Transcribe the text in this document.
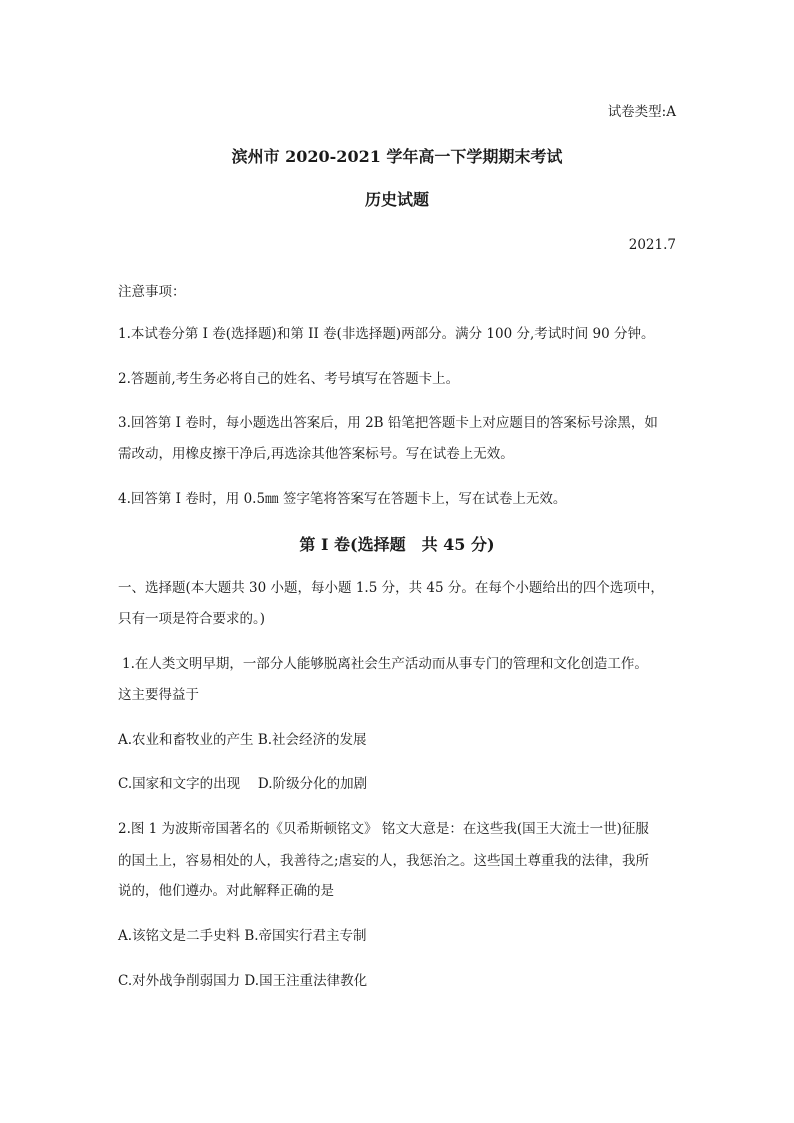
试卷类型:A
滨州市 2020-2021 学年高一下学期期末考试
历史试题
2021.7
注意事项：
1.本试卷分第 I 卷(选择题)和第 II 卷(非选择题)两部分。满分 100 分,考试时间 90 分钟。
2.答题前,考生务必将自己的姓名、考号填写在答题卡上。
3.回答第 I 卷时，每小题选出答案后，用 2B 铅笔把答题卡上对应题目的答案标号涂黑，如
需改动，用橡皮擦干净后,再选涂其他答案标号。写在试卷上无效。
4.回答第 I 卷时，用 0.5㎜ 签字笔将答案写在答题卡上，写在试卷上无效。
第 I 卷(选择题　共 45 分)
一、选择题(本大题共 30 小题，每小题 1.5 分，共 45 分。在每个小题给出的四个选项中，
只有一项是符合要求的。)
1.在人类文明早期，一部分人能够脱离社会生产活动而从事专门的管理和文化创造工作。
这主要得益于
A.农业和畜牧业的产生 B.社会经济的发展
C.国家和文字的出现　 D.阶级分化的加剧
2.图 1 为波斯帝国著名的《贝希斯顿铭文》 铭文大意是：在这些我(国王大流士一世)征服
的国土上，容易相处的人，我善待之;虐妄的人，我惩治之。这些国土尊重我的法律，我所
说的，他们遵办。对此解释正确的是
A.该铭文是二手史料 B.帝国实行君主专制
C.对外战争削弱国力 D.国王注重法律教化
